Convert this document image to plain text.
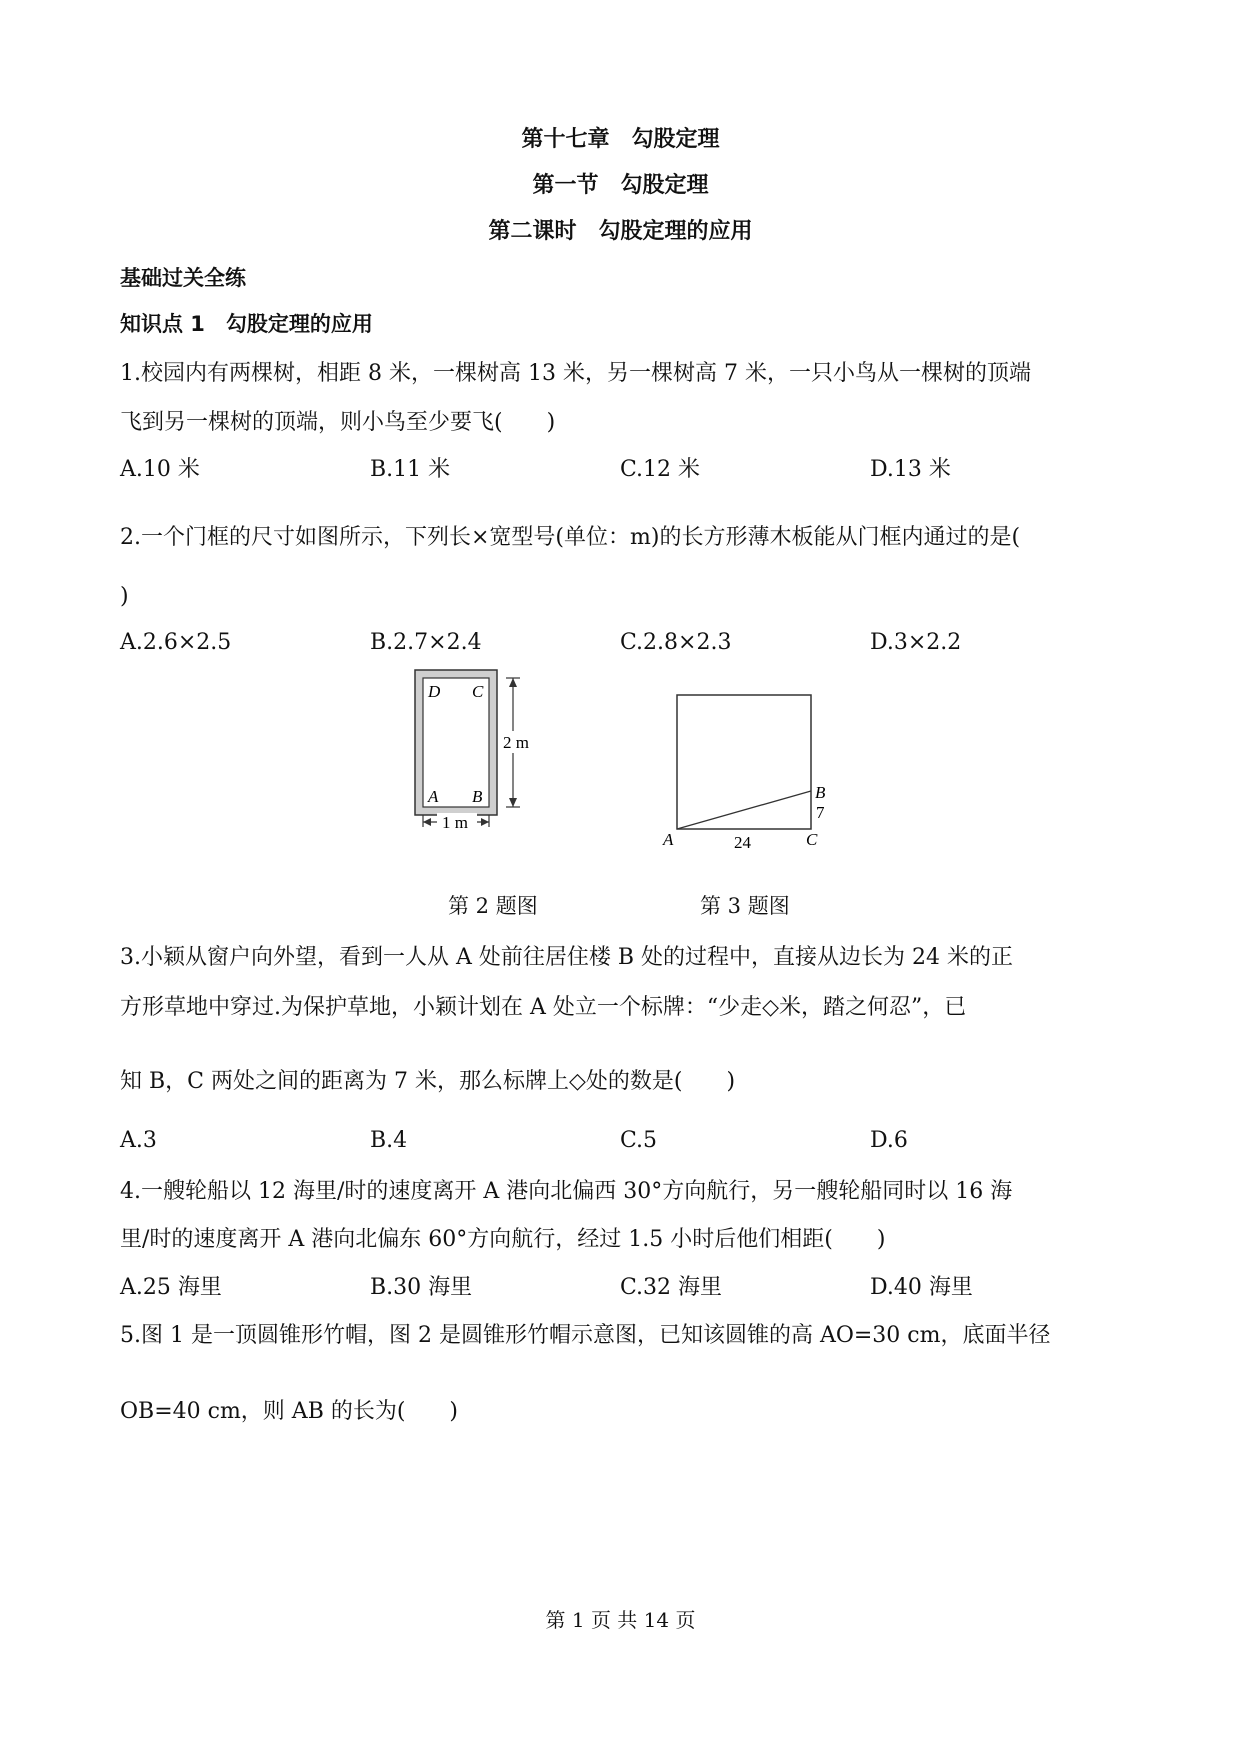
第十七章　勾股定理
第一节　勾股定理
第二课时　勾股定理的应用
基础过关全练
知识点 1　勾股定理的应用
1.校园内有两棵树，相距 8 米，一棵树高 13 米，另一棵树高 7 米，一只小鸟从一棵树的顶端
飞到另一棵树的顶端，则小鸟至少要飞(　　)
A.10 米	B.11 米	C.12 米	D.13 米
2.一个门框的尺寸如图所示，下列长×宽型号(单位：m)的长方形薄木板能从门框内通过的是(
)
A.2.6×2.5	B.2.7×2.4	C.2.8×2.3	D.3×2.2
D C
A B
2 m
1 m
A
B
7
C
24
第 2 题图	第 3 题图
3.小颖从窗户向外望，看到一人从 A 处前往居住楼 B 处的过程中，直接从边长为 24 米的正
方形草地中穿过.为保护草地，小颖计划在 A 处立一个标牌：“少走◇米，踏之何忍”，已
知 B，C 两处之间的距离为 7 米，那么标牌上◇处的数是(　　)
A.3	B.4	C.5	D.6
4.一艘轮船以 12 海里/时的速度离开 A 港向北偏西 30°方向航行，另一艘轮船同时以 16 海
里/时的速度离开 A 港向北偏东 60°方向航行，经过 1.5 小时后他们相距(　　)
A.25 海里	B.30 海里	C.32 海里	D.40 海里
5.图 1 是一顶圆锥形竹帽，图 2 是圆锥形竹帽示意图，已知该圆锥的高 AO=30 cm，底面半径
OB=40 cm，则 AB 的长为(　　)
第 1 页 共 14 页
